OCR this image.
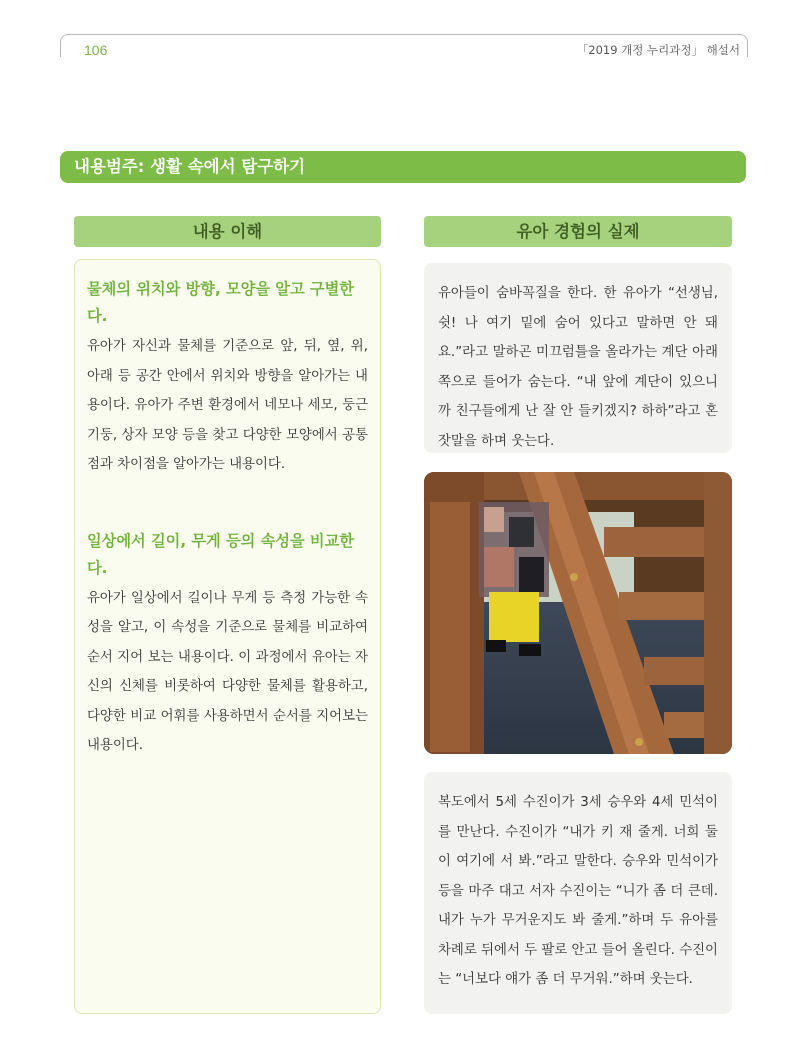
106	「2019 개정 누리과정」 해설서
내용범주: 생활 속에서 탐구하기
내용 이해	유아 경험의 실제

물체의 위치와 방향, 모양을 알고 구별한다.

유아가 자신과 물체를 기준으로 앞, 뒤, 옆, 위, 아래 등 공간 안에서 위치와 방향을 알아가는 내용이다. 유아가 주변 환경에서 네모나 세모, 둥근 기둥, 상자 모양 등을 찾고 다양한 모양에서 공통점과 차이점을 알아가는 내용이다.

일상에서 길이, 무게 등의 속성을 비교한다.

유아가 일상에서 길이나 무게 등 측정 가능한 속성을 알고, 이 속성을 기준으로 물체를 비교하여 순서 지어 보는 내용이다. 이 과정에서 유아는 자신의 신체를 비롯하여 다양한 물체를 활용하고, 다양한 비교 어휘를 사용하면서 순서를 지어보는 내용이다.

유아들이 숨바꼭질을 한다. 한 유아가 “선생님, 쉿! 나 여기 밑에 숨어 있다고 말하면 안 돼요.”라고 말하곤 미끄럼틀을 올라가는 계단 아래쪽으로 들어가 숨는다. “내 앞에 계단이 있으니까 친구들에게 난 잘 안 들키겠지? 하하”라고 혼잣말을 하며 웃는다.

복도에서 5세 수진이가 3세 승우와 4세 민석이를 만난다. 수진이가 “내가 키 재 줄게. 너희 둘이 여기에 서 봐.”라고 말한다. 승우와 민석이가 등을 마주 대고 서자 수진이는 “니가 좀 더 큰데. 내가 누가 무거운지도 봐 줄게.”하며 두 유아를 차례로 뒤에서 두 팔로 안고 들어 올린다. 수진이는 “너보다 얘가 좀 더 무거워.”하며 웃는다.
